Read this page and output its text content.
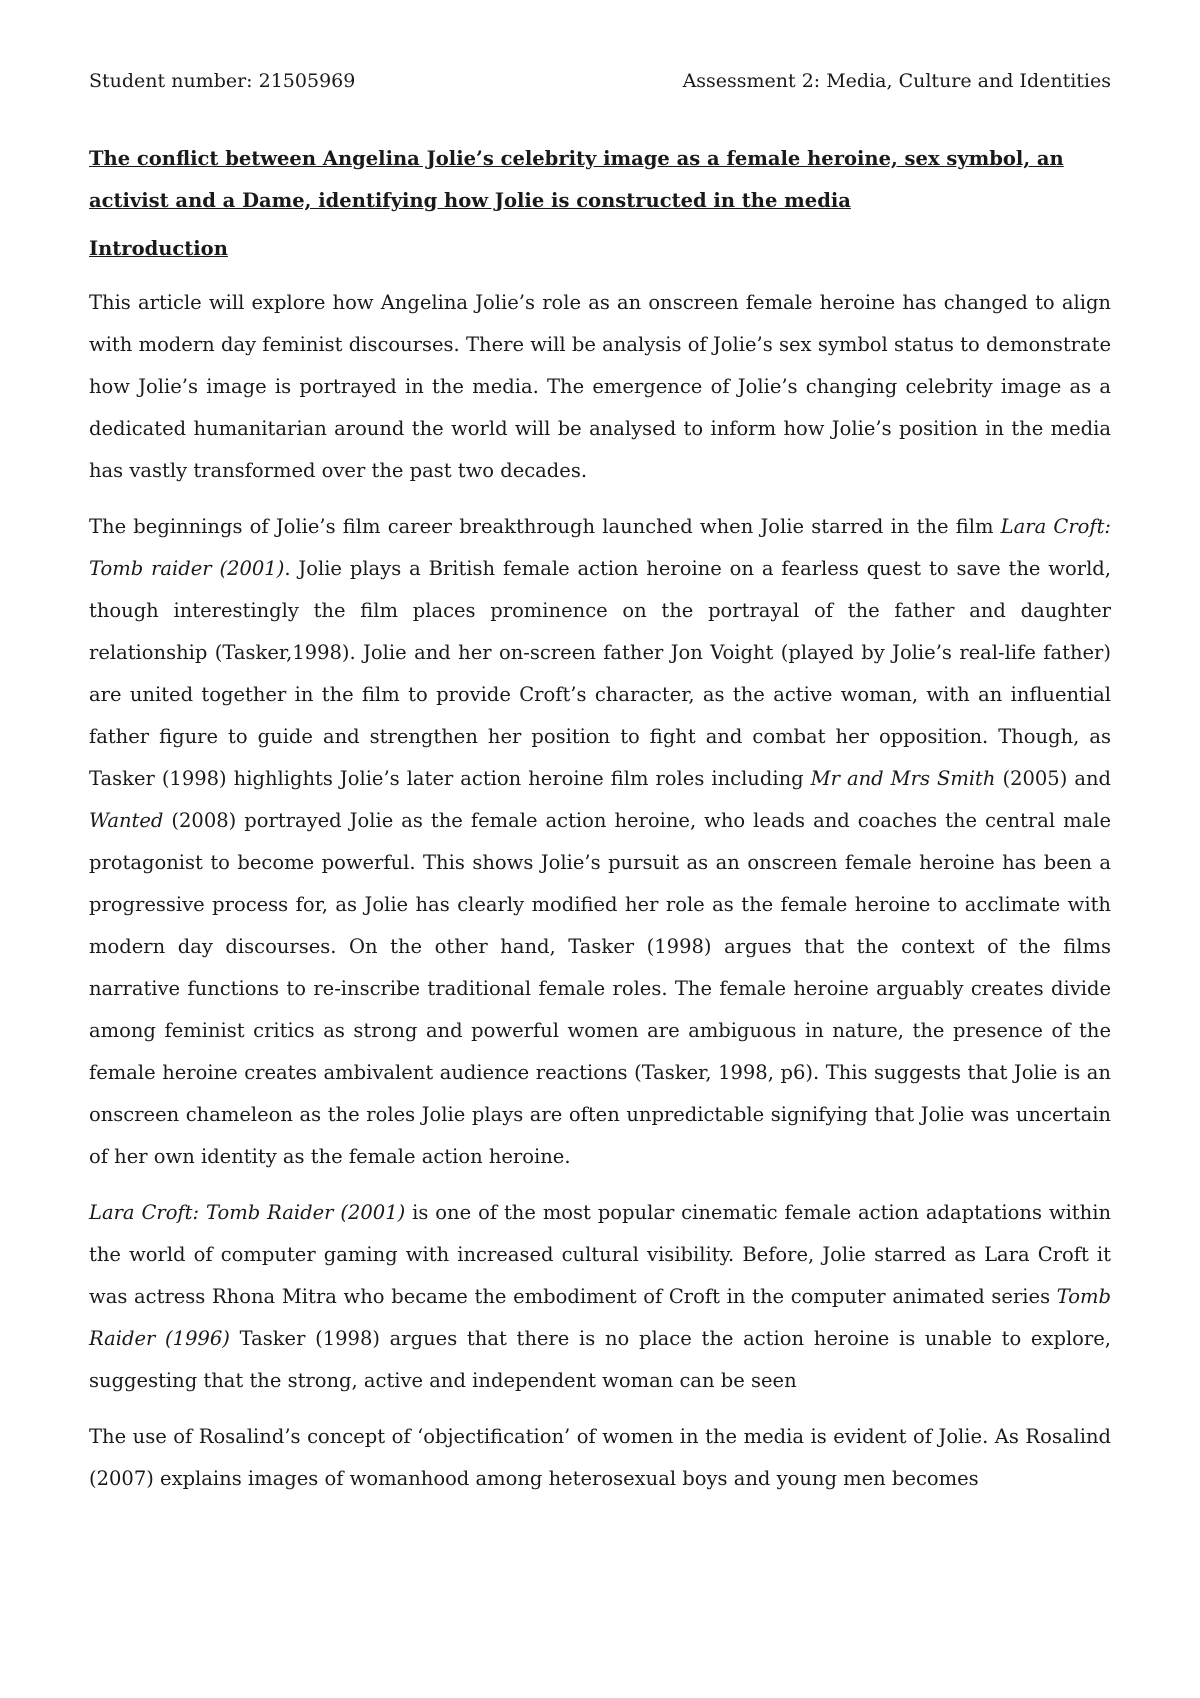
Student number: 21505969	Assessment 2: Media, Culture and Identities
The conflict between Angelina Jolie’s celebrity image as a female heroine, sex symbol, an activist and a Dame, identifying how Jolie is constructed in the media
Introduction

This article will explore how Angelina Jolie’s role as an onscreen female heroine has changed to align with modern day feminist discourses. There will be analysis of Jolie’s sex symbol status to demonstrate how Jolie’s image is portrayed in the media. The emergence of Jolie’s changing celebrity image as a dedicated humanitarian around the world will be analysed to inform how Jolie’s position in the media has vastly transformed over the past two decades.

The beginnings of Jolie’s film career breakthrough launched when Jolie starred in the film Lara Croft: Tomb raider (2001). Jolie plays a British female action heroine on a fearless quest to save the world, though interestingly the film places prominence on the portrayal of the father and daughter relationship (Tasker,1998). Jolie and her on-screen father Jon Voight (played by Jolie’s real-life father) are united together in the film to provide Croft’s character, as the active woman, with an influential father figure to guide and strengthen her position to fight and combat her opposition. Though, as Tasker (1998) highlights Jolie’s later action heroine film roles including Mr and Mrs Smith (2005) and Wanted (2008) portrayed Jolie as the female action heroine, who leads and coaches the central male protagonist to become powerful. This shows Jolie’s pursuit as an onscreen female heroine has been a progressive process for, as Jolie has clearly modified her role as the female heroine to acclimate with modern day discourses. On the other hand, Tasker (1998) argues that the context of the films narrative functions to re-inscribe traditional female roles. The female heroine arguably creates divide among feminist critics as strong and powerful women are ambiguous in nature, the presence of the female heroine creates ambivalent audience reactions (Tasker, 1998, p6). This suggests that Jolie is an onscreen chameleon as the roles Jolie plays are often unpredictable signifying that Jolie was uncertain of her own identity as the female action heroine.

Lara Croft: Tomb Raider (2001) is one of the most popular cinematic female action adaptations within the world of computer gaming with increased cultural visibility. Before, Jolie starred as Lara Croft it was actress Rhona Mitra who became the embodiment of Croft in the computer animated series Tomb Raider (1996) Tasker (1998) argues that there is no place the action heroine is unable to explore, suggesting that the strong, active and independent woman can be seen

The use of Rosalind’s concept of ‘objectification’ of women in the media is evident of Jolie. As Rosalind (2007) explains images of womanhood among heterosexual boys and young men becomes
